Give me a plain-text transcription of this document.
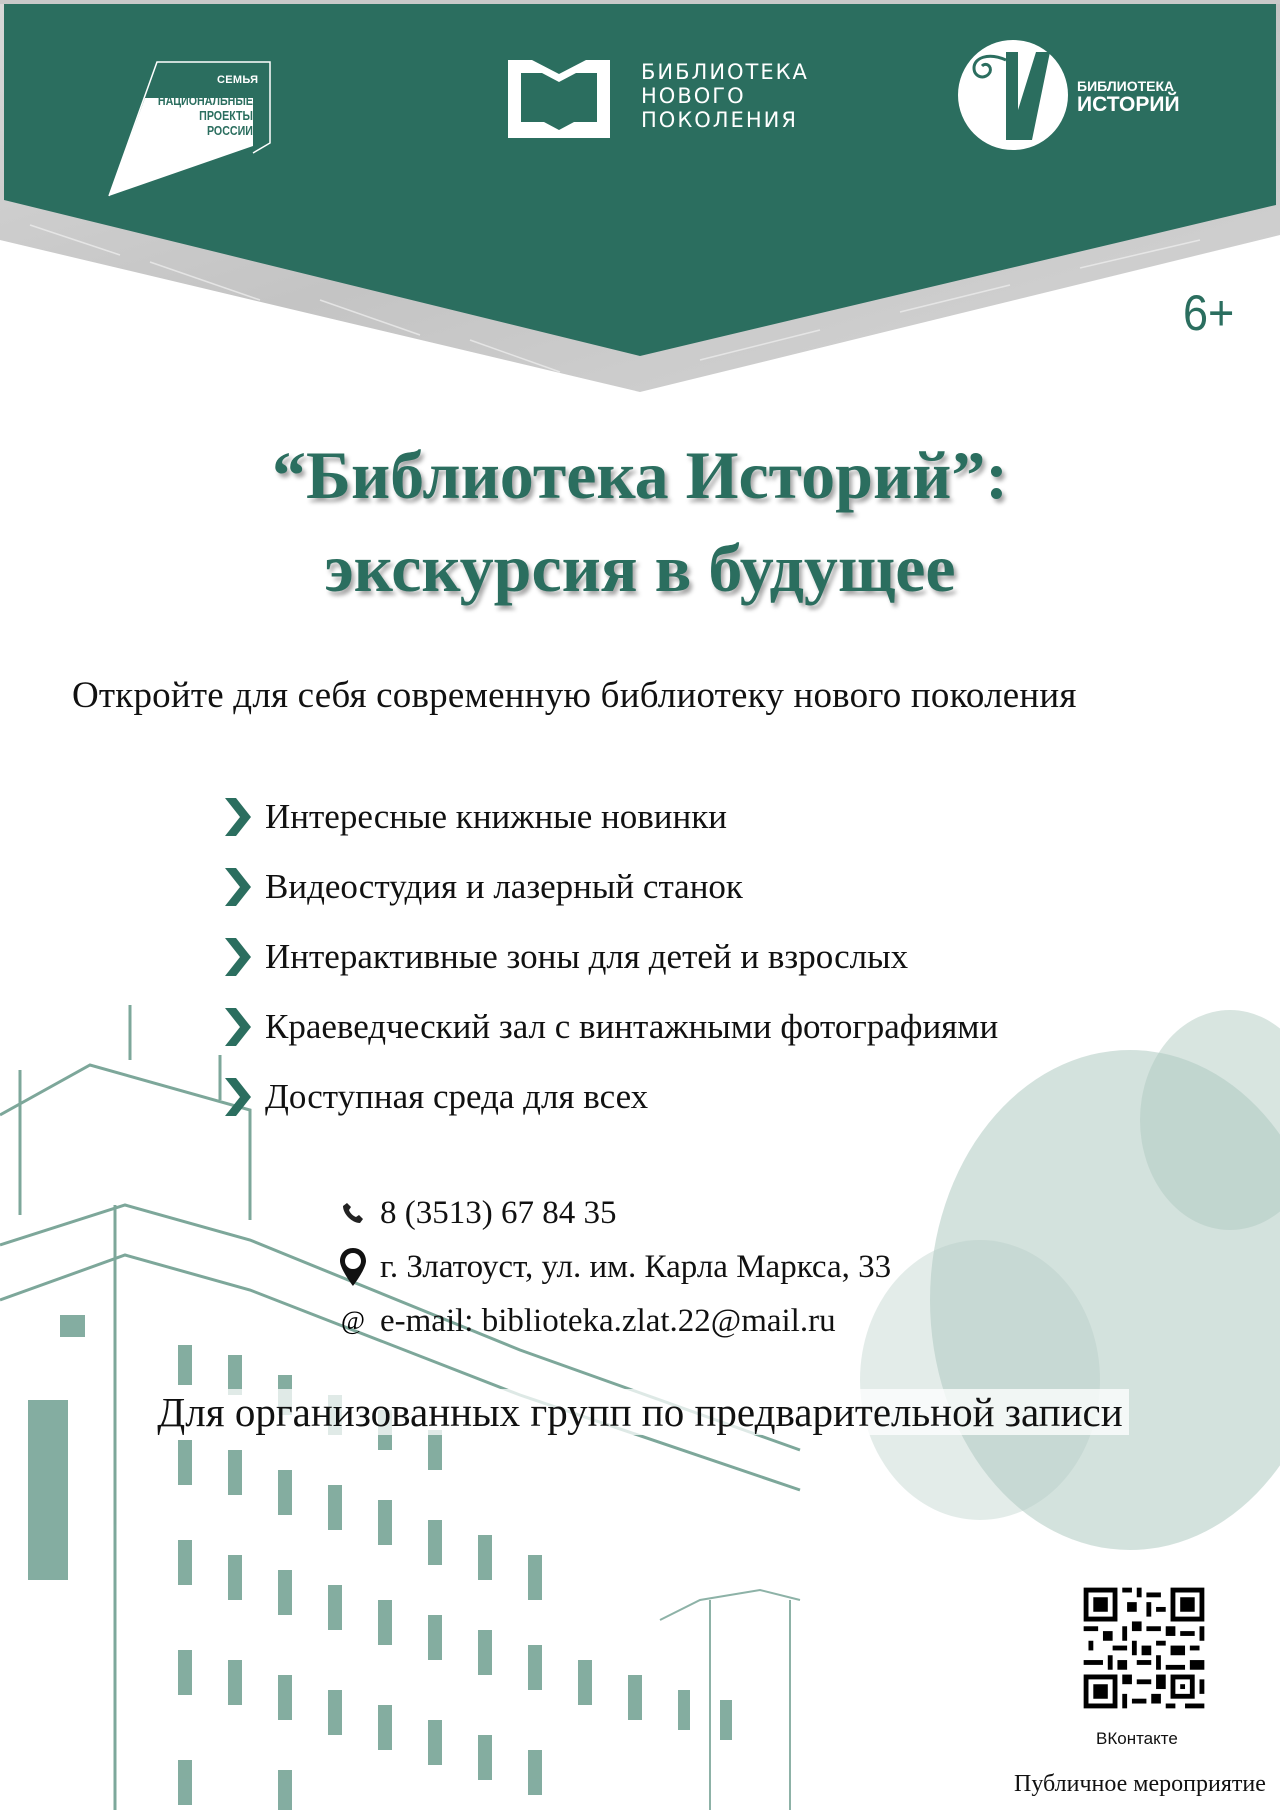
СЕМЬЯ
НАЦИОНАЛЬНЫЕ
ПРОЕКТЫ
РОССИИ
БИБЛИОТЕКА
НОВОГО
ПОКОЛЕНИЯ
БИБЛИОТЕКА
ИСТОРИЙ
6+
“Библиотека Историй”:
экскурсия в будущее
Откройте для себя современную библиотеку нового поколения
Интересные книжные новинки
Видеостудия и лазерный станок
Интерактивные зоны для детей и взрослых
Краеведческий зал с винтажными фотографиями
Доступная среда для всех
8 (3513) 67 84 35
г. Златоуст, ул. им. Карла Маркса, 33
@ e-mail: biblioteka.zlat.22@mail.ru
Для организованных групп по предварительной записи
ВКонтакте
Публичное мероприятие
